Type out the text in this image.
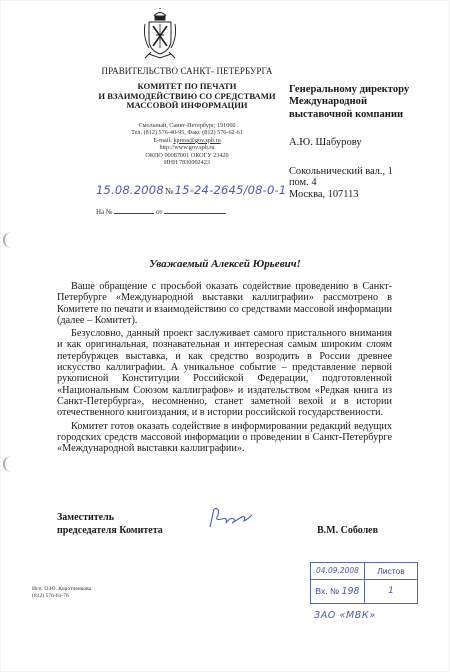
ПРАВИТЕЛЬСТВО САНКТ- ПЕТЕРБУРГА
КОМИТЕТ ПО ПЕЧАТИ
И ВЗАИМОДЕЙСТВИЮ СО СРЕДСТВАМИ
МАССОВОЙ ИНФОРМАЦИИ
Смольный, Санкт-Петербург, 191060
Тел. (812) 576-40-95, Факс (812) 576-62-61
E-mail: kpress@gov.spb.ru
http://www.gov.spb.ru
ОКПО 00087001 ОКОГУ 23420
ИНН 7830002423
Генеральному директору
Международной
выставочной компании
А.Ю. Шабурову
Сокольнический вал., 1
пом. 4
Москва, 107113
15.08.2008№15-24-2645/08-0-1
На №	от
Уважаемый Алексей Юрьевич!

Ваше обращение с просьбой оказать содействие проведению в Санкт-Петербурге «Международной выставки каллиграфии» рассмотрено в Комитете по печати и взаимодействию со средствами массовой информации (далее – Комитет).

Безусловно, данный проект заслуживает самого пристального внимания и как оригинальная, познавательная и интересная самым широким слоям петербуржцев выставка, и как средство возродить в России древнее искусство каллиграфии. А уникальное событие – представление первой рукописной Конституции Российской Федерации, подготовленной «Национальным Союзом каллиграфов» и издательством «Редкая книга из Санкт-Петербурга», несомненно, станет заметной вехой и в истории отечественного книгоиздания, и в истории российской государственности.

Комитет готов оказать содействие в информировании редакций ведущих городских средств массовой информации о проведении в Санкт-Петербурге «Международной выставки каллиграфии».

Заместитель
председателя Комитета	В.М. Соболев
Исп. О.Ю. Коротченкова
(812) 576-61-76
04.09.2008
Вх. № 198
Листов
1
ЗАО «МВК»
